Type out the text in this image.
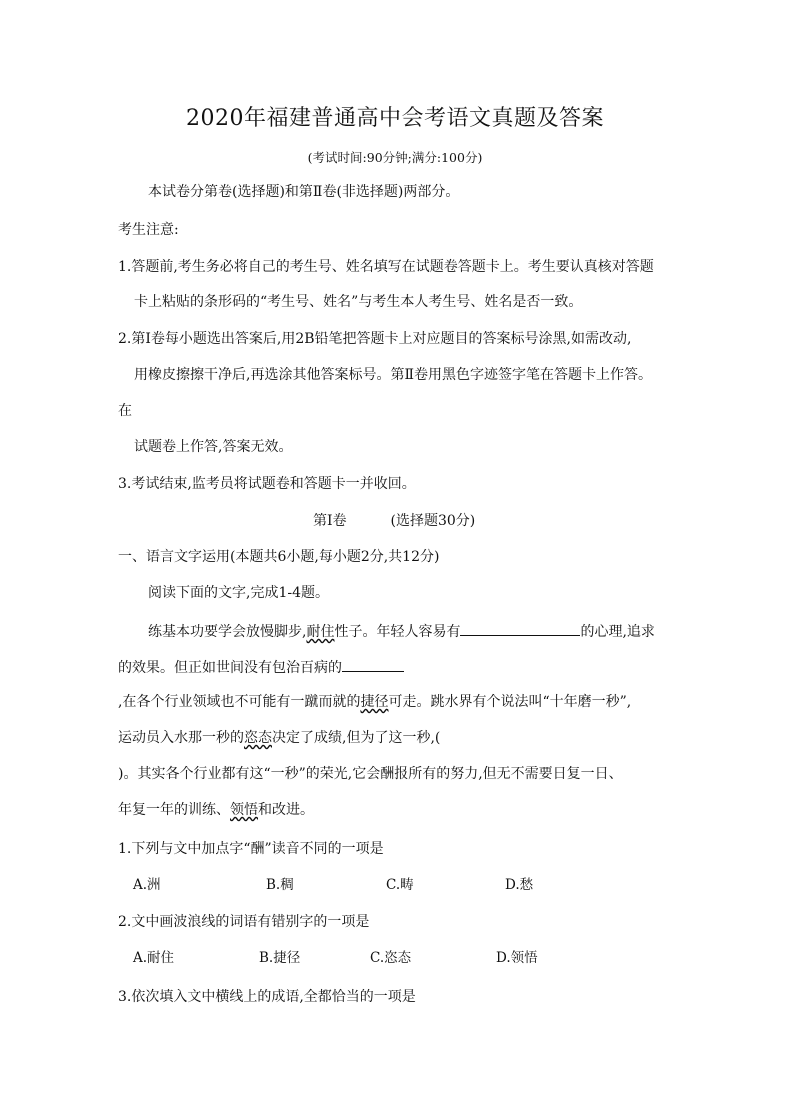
2020年福建普通高中会考语文真题及答案
(考试时间:90分钟;满分:100分)
本试卷分第卷(选择题)和第Ⅱ卷(非选择题)两部分。
考生注意:
1.答题前,考生务必将自己的考生号、姓名填写在试题卷答题卡上。考生要认真核对答题
卡上粘贴的条形码的“考生号、姓名”与考生本人考生号、姓名是否一致。
2.第I卷每小题选出答案后,用2B铅笔把答题卡上对应题目的答案标号涂黑,如需改动,
用橡皮擦擦干净后,再选涂其他答案标号。第Ⅱ卷用黑色字迹签字笔在答题卡上作答。
在
试题卷上作答,答案无效。
3.考试结束,监考员将试题卷和答题卡一并收回。
第Ⅰ卷	(选择题30分)
一、语言文字运用(本题共6小题,每小题2分,共12分)
阅读下面的文字,完成1-4题。
练基本功要学会放慢脚步,耐住性子。年轻人容易有	的心理,追求
的效果。但正如世间没有包治百病的
,在各个行业领域也不可能有一蹴而就的捷径可走。跳水界有个说法叫“十年磨一秒”,
运动员入水那一秒的恣态决定了成绩,但为了这一秒,(
)。其实各个行业都有这“一秒”的荣光,它会酬报所有的努力,但无不需要日复一日、
年复一年的训练、领悟和改进。
1.下列与文中加点字“酬”读音不同的一项是
A.洲	B.稠	C.畴	D.愁
2.文中画波浪线的词语有错别字的一项是
A.耐住	B.捷径	C.恣态	D.领悟
3.依次填入文中横线上的成语,全都恰当的一项是
